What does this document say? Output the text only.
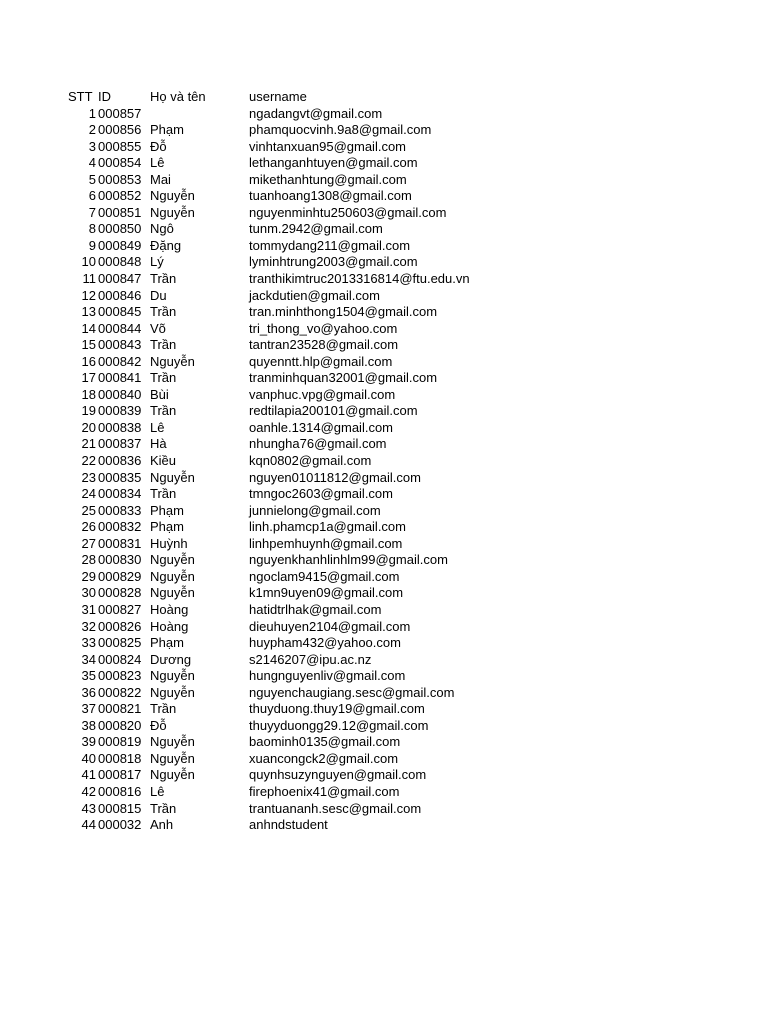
STT ID	Họ và tên	username
1 000857	ngadangvt@gmail.com
2 000856 Phạm	phamquocvinh.9a8@gmail.com
3 000855 Đỗ	vinhtanxuan95@gmail.com
4 000854 Lê	lethanganhtuyen@gmail.com
5 000853 Mai	mikethanhtung@gmail.com
6 000852 Nguyễn	tuanhoang1308@gmail.com
7 000851 Nguyễn	nguyenminhtu250603@gmail.com
8 000850 Ngô	tunm.2942@gmail.com
9 000849 Đặng	tommydang211@gmail.com
10 000848 Lý	lyminhtrung2003@gmail.com
11 000847 Trần	tranthikimtruc2013316814@ftu.edu.vn
12 000846 Du	jackdutien@gmail.com
13 000845 Trần	tran.minhthong1504@gmail.com
14 000844 Võ	tri_thong_vo@yahoo.com
15 000843 Trần	tantran23528@gmail.com
16 000842 Nguyễn	quyenntt.hlp@gmail.com
17 000841 Trần	tranminhquan32001@gmail.com
18 000840 Bùi	vanphuc.vpg@gmail.com
19 000839 Trần	redtilapia200101@gmail.com
20 000838 Lê	oanhle.1314@gmail.com
21 000837 Hà	nhungha76@gmail.com
22 000836 Kiều	kqn0802@gmail.com
23 000835 Nguyễn	nguyen01011812@gmail.com
24 000834 Trần	tmngoc2603@gmail.com
25 000833 Phạm	junnielong@gmail.com
26 000832 Phạm	linh.phamcp1a@gmail.com
27 000831 Huỳnh	linhpemhuynh@gmail.com
28 000830 Nguyễn	nguyenkhanhlinhlm99@gmail.com
29 000829 Nguyễn	ngoclam9415@gmail.com
30 000828 Nguyễn	k1mn9uyen09@gmail.com
31 000827 Hoàng	hatidtrlhak@gmail.com
32 000826 Hoàng	dieuhuyen2104@gmail.com
33 000825 Phạm	huypham432@yahoo.com
34 000824 Dương	s2146207@ipu.ac.nz
35 000823 Nguyễn	hungnguyenliv@gmail.com
36 000822 Nguyễn	nguyenchaugiang.sesc@gmail.com
37 000821 Trần	thuyduong.thuy19@gmail.com
38 000820 Đỗ	thuyyduongg29.12@gmail.com
39 000819 Nguyễn	baominh0135@gmail.com
40 000818 Nguyễn	xuancongck2@gmail.com
41 000817 Nguyễn	quynhsuzynguyen@gmail.com
42 000816 Lê	firephoenix41@gmail.com
43 000815 Trần	trantuananh.sesc@gmail.com
44 000032 Anh	anhndstudent
